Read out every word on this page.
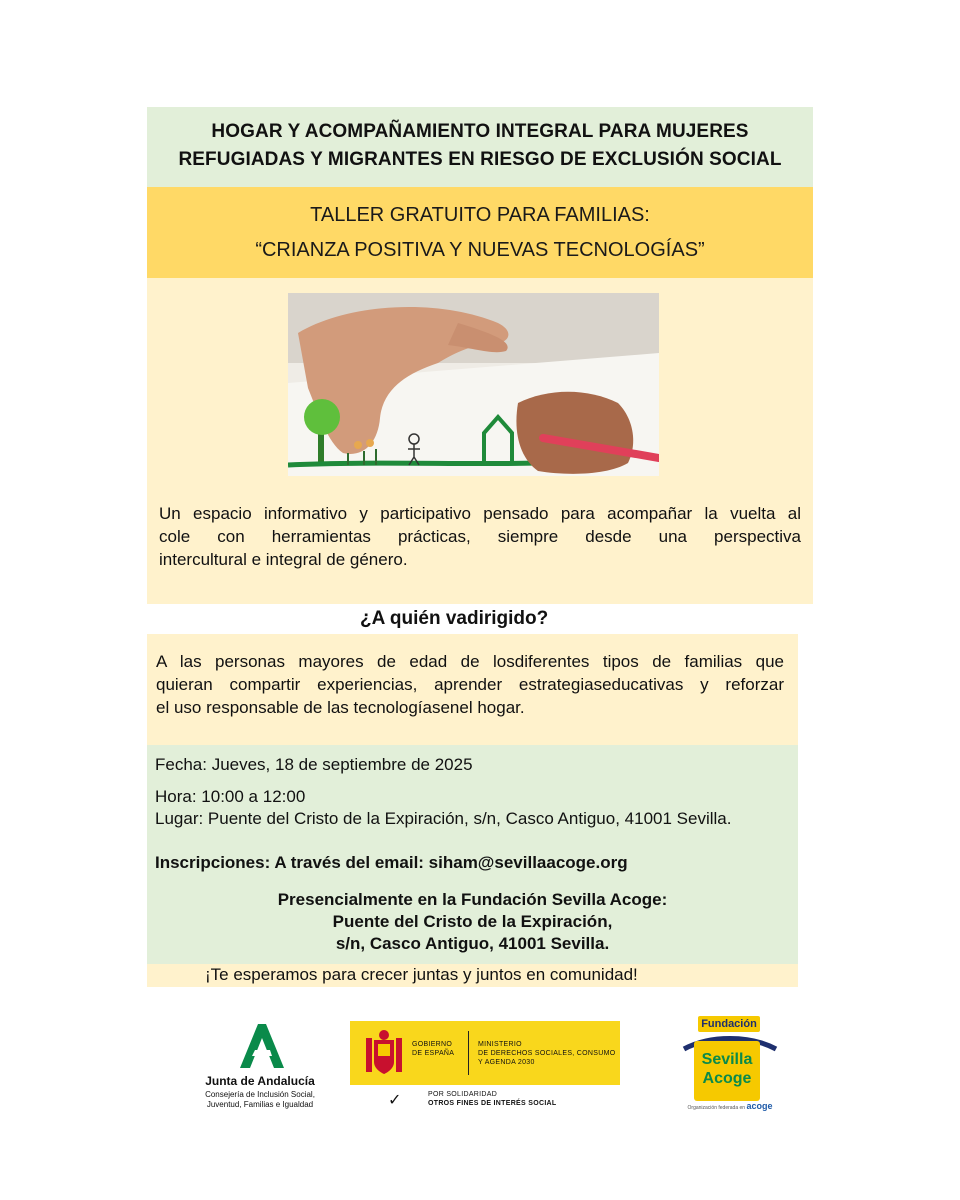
HOGAR Y ACOMPAÑAMIENTO INTEGRAL PARA MUJERES
REFUGIADAS Y MIGRANTES EN RIESGO DE EXCLUSIÓN SOCIAL
TALLER GRATUITO PARA FAMILIAS:
“CRIANZA POSITIVA Y NUEVAS TECNOLOGÍAS”
Un espacio informativo y participativo pensado para acompañar la vuelta al
cole con herramientas prácticas, siempre desde una perspectiva
intercultural e integral de género.
¿A quién vadirigido?
A las personas mayores de edad de losdiferentes tipos de familias que
quieran compartir experiencias, aprender estrategiaseducativas y reforzar
el uso responsable de las tecnologíasenel hogar.
Fecha: Jueves, 18 de septiembre de 2025
Hora: 10:00 a 12:00
Lugar: Puente del Cristo de la Expiración, s/n, Casco Antiguo, 41001 Sevilla.
Inscripciones: A través del email: siham@sevillaacoge.org
Presencialmente en la Fundación Sevilla Acoge:
Puente del Cristo de la Expiración,
s/n, Casco Antiguo, 41001 Sevilla.
¡Te esperamos para crecer juntas y juntos en comunidad!
Junta de Andalucía
Consejería de Inclusión Social,
Juventud, Familias e Igualdad
GOBIERNO
DE ESPAÑA
MINISTERIO
DE DERECHOS SOCIALES, CONSUMO
Y AGENDA 2030
✓	POR SOLIDARIDAD
OTROS FINES DE INTERÉS SOCIAL
Fundación
Sevilla
Acoge
Organización federada en acoge
